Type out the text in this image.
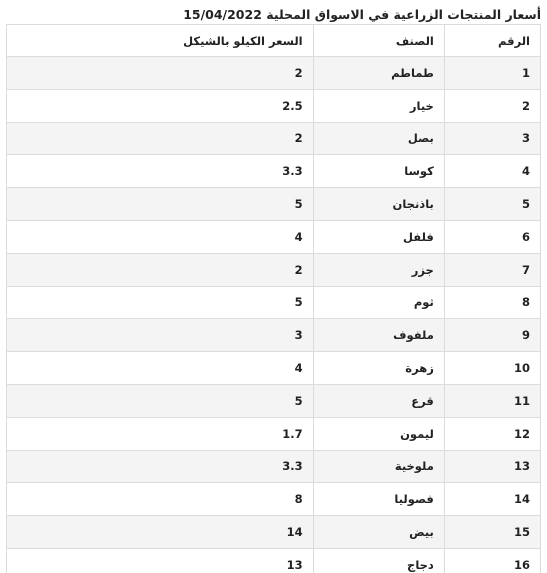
أسعار المنتجات الزراعية في الاسواق المحلية 15/04/2022
الرقم	الصنف	السعر الكيلو بالشيكل

1	طماطم	2

2	خيار	2.5

3	بصل	2

4	كوسا	3.3

5	باذنجان	5

6	فلفل	4

7	جزر	2

8	ثوم	5

9	ملفوف	3

10	زهرة	4

11	قرع	5

12	ليمون	1.7

13	ملوخية	3.3

14	فصوليا	8

15	بيض	14

16	دجاج	13
